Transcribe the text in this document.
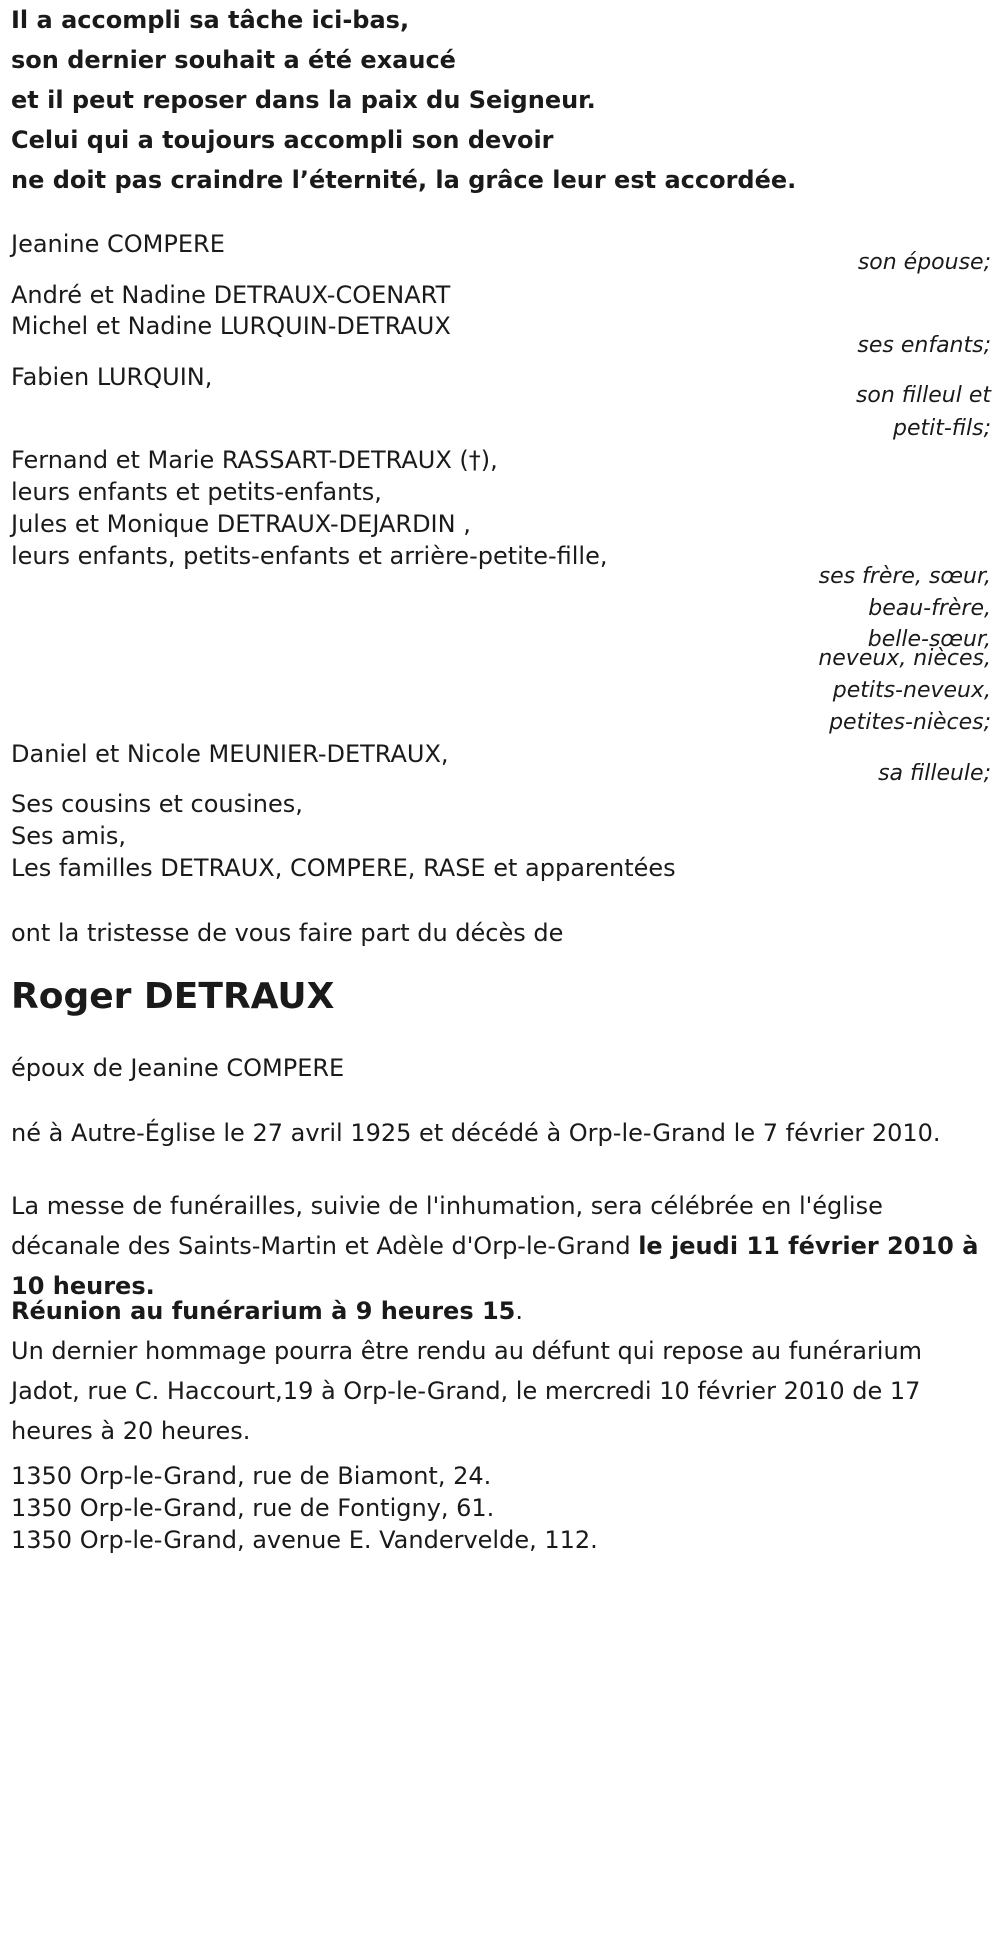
Il a accompli sa tâche ici-bas,
son dernier souhait a été exaucé
et il peut reposer dans la paix du Seigneur.
Celui qui a toujours accompli son devoir
ne doit pas craindre l’éternité, la grâce leur est accordée.
Jeanine COMPERE
son épouse;
André et Nadine DETRAUX-COENART
Michel et Nadine LURQUIN-DETRAUX
ses enfants;
Fabien LURQUIN,
son filleul et
petit-fils;
Fernand et Marie RASSART-DETRAUX (†),
leurs enfants et petits-enfants,
Jules et Monique DETRAUX-DEJARDIN ,
leurs enfants, petits-enfants et arrière-petite-fille,
ses frère, sœur,
beau-frère,
belle-sœur,
neveux, nièces,
petits-neveux,
petites-nièces;
Daniel et Nicole MEUNIER-DETRAUX,
sa filleule;
Ses cousins et cousines,
Ses amis,
Les familles DETRAUX, COMPERE, RASE et apparentées
ont la tristesse de vous faire part du décès de
Roger DETRAUX
époux de Jeanine COMPERE
né à Autre-Église le 27 avril 1925 et décédé à Orp-le-Grand le 7 février 2010.
La messe de funérailles, suivie de l'inhumation, sera célébrée en l'église décanale des Saints-Martin et Adèle d'Orp-le-Grand le jeudi 11 février 2010 à 10 heures.
Réunion au funérarium à 9 heures 15.
Un dernier hommage pourra être rendu au défunt qui repose au funérarium Jadot, rue C. Haccourt,19 à Orp-le-Grand, le mercredi 10 février 2010 de 17 heures à 20 heures.
1350 Orp-le-Grand, rue de Biamont, 24.
1350 Orp-le-Grand, rue de Fontigny, 61.
1350 Orp-le-Grand, avenue E. Vandervelde, 112.
